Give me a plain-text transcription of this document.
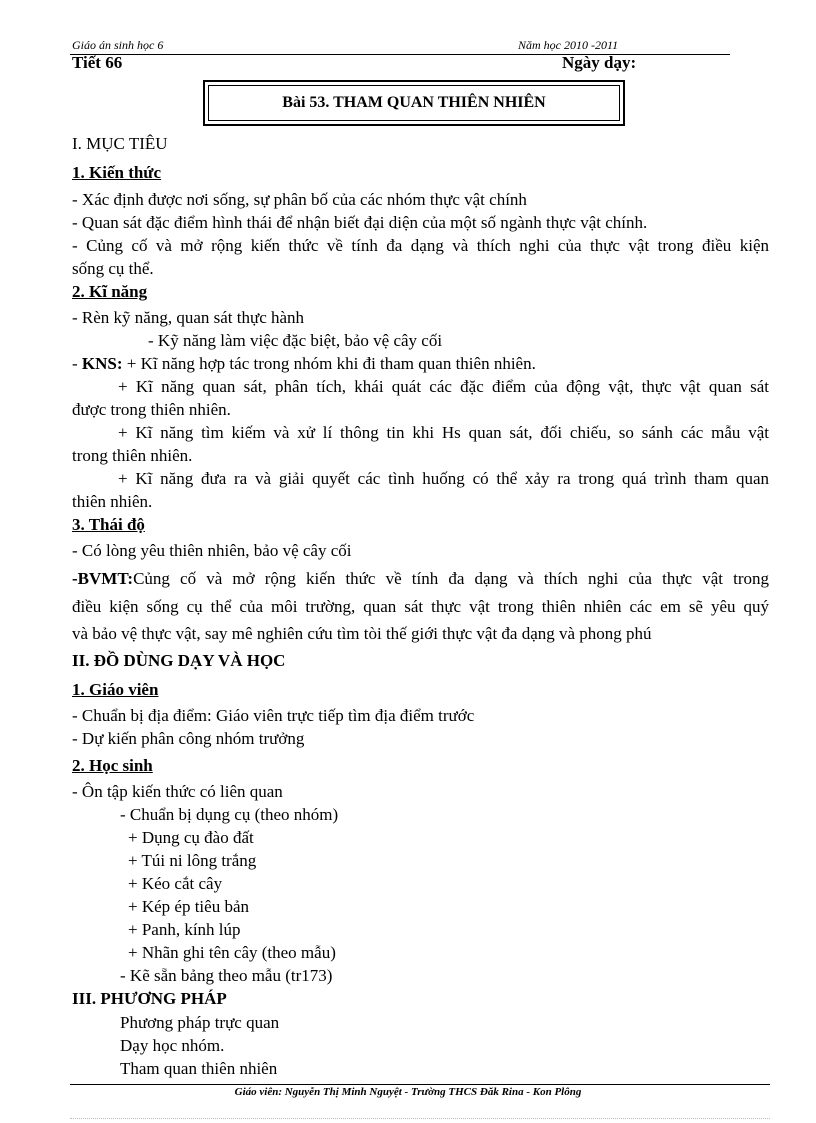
Giáo án sinh học 6	Năm học 2010 -2011
Tiết 66	Ngày dạy:
Bài 53. THAM QUAN THIÊN NHIÊN
I. MỤC TIÊU
1. Kiến thức
- Xác định được nơi sống, sự phân bố của các nhóm thực vật chính
- Quan sát đặc điểm hình thái để nhận biết đại diện của một số ngành thực vật chính.
- Củng cố và mở rộng kiến thức về tính đa dạng và thích nghi của thực vật trong điều kiện
sống cụ thể.
2. Kĩ năng
- Rèn kỹ năng, quan sát thực hành
- Kỹ năng làm việc đặc biệt, bảo vệ cây cối
- KNS: + Kĩ năng hợp tác trong nhóm khi đi tham quan thiên nhiên.
+ Kĩ năng quan sát, phân tích, khái quát các đặc điểm của động vật, thực vật quan sát
được trong thiên nhiên.
+ Kĩ năng tìm kiếm và xử lí thông tin khi Hs quan sát, đối chiếu, so sánh các mẫu vật
trong thiên nhiên.
+ Kĩ năng đưa ra và giải quyết các tình huống có thể xảy ra trong quá trình tham quan
thiên nhiên.
3. Thái độ
- Có lòng yêu thiên nhiên, bảo vệ cây cối
-BVMT: Củng cố và mở rộng kiến thức về tính đa dạng và thích nghi của thực vật trong
điều kiện sống cụ thể của môi trường, quan sát thực vật trong thiên nhiên các em sẽ yêu quý
và bảo vệ thực vật, say mê nghiên cứu tìm tòi thế giới thực vật đa dạng và phong phú
II. ĐỒ DÙNG DẠY VÀ HỌC
1. Giáo viên
- Chuẩn bị địa điểm: Giáo viên trực tiếp tìm địa điểm trước
- Dự kiến phân công nhóm trưởng
2. Học sinh
- Ôn tập kiến thức có liên quan
- Chuẩn bị dụng cụ (theo nhóm)
+ Dụng cụ đào đất
+ Túi ni lông trắng
+ Kéo cắt cây
+ Kép ép tiêu bản
+ Panh, kính lúp
+ Nhãn ghi tên cây (theo mẫu)
- Kẽ sẵn bảng theo mẫu (tr173)
III. PHƯƠNG PHÁP
Phương pháp trực quan
Dạy học nhóm.
Tham quan thiên nhiên
Giáo viên: Nguyễn Thị Minh Nguyệt - Trường THCS Đăk Rina - Kon Plông
